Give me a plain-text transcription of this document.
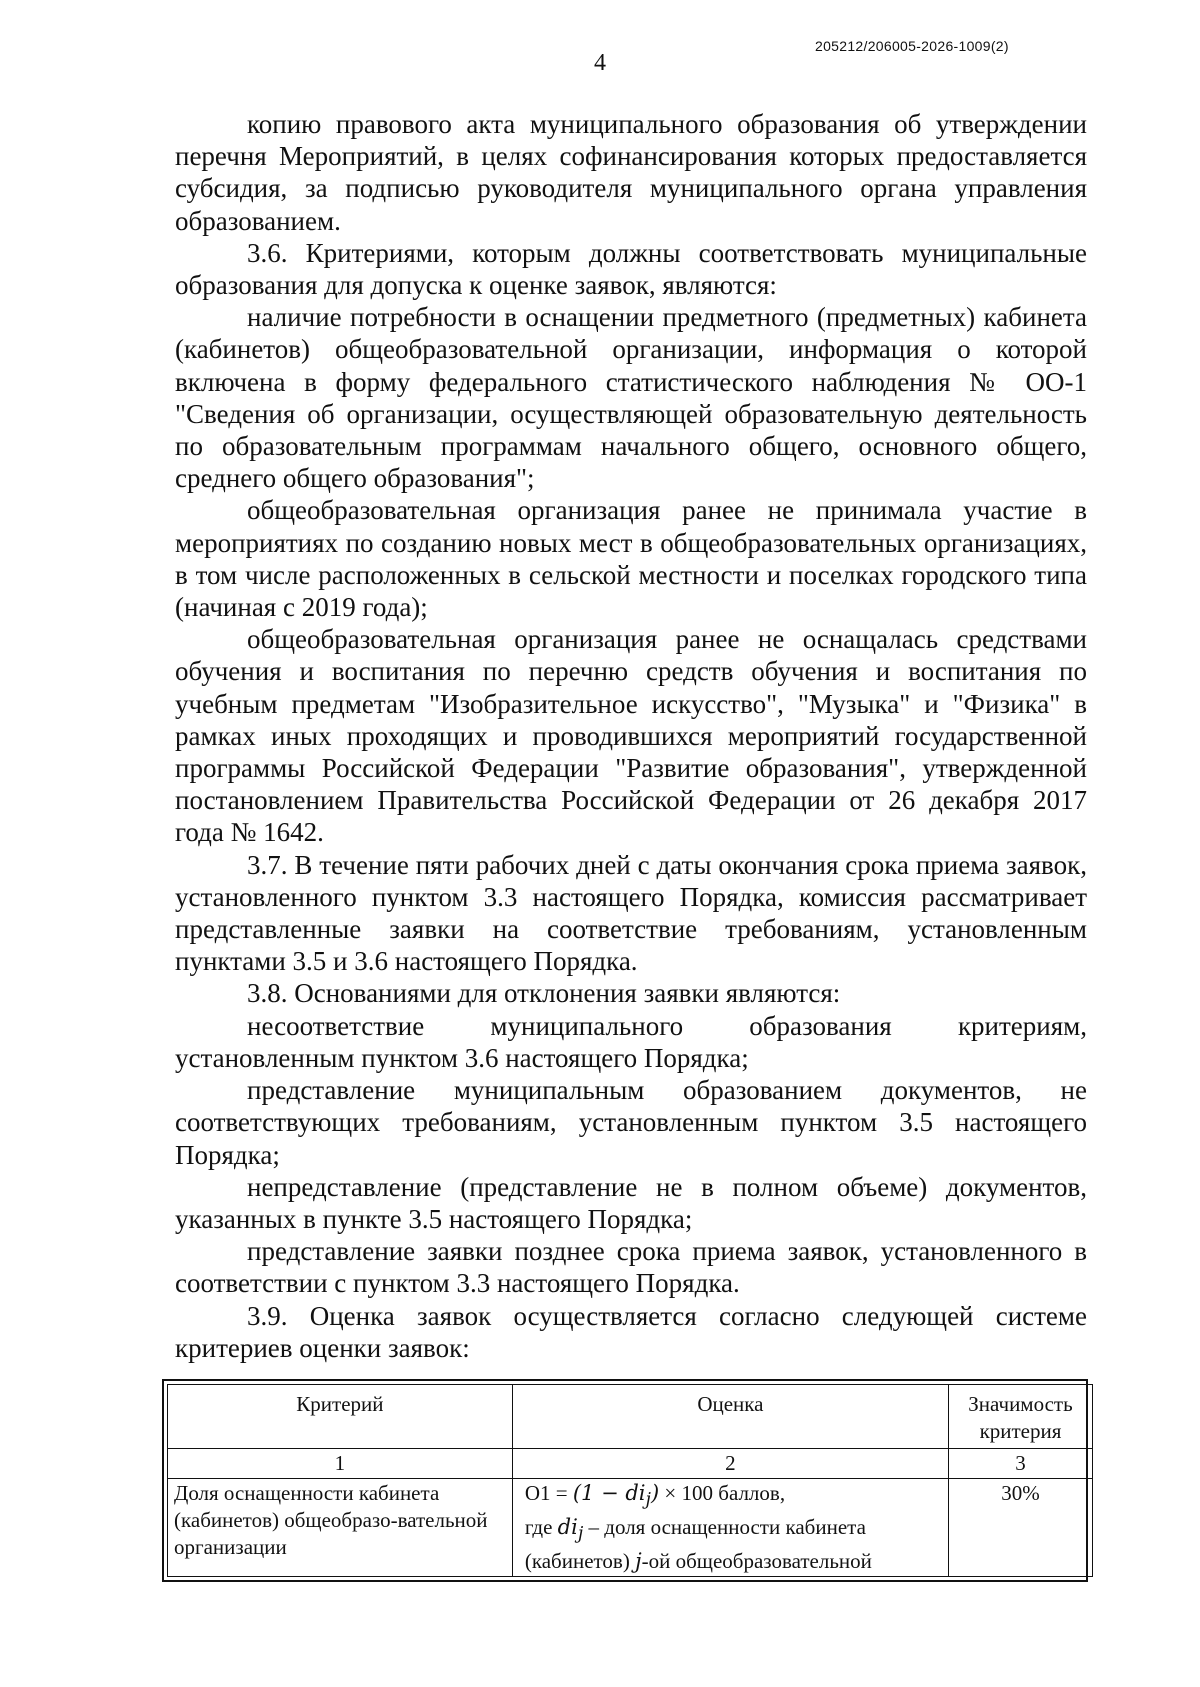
4
205212/206005-2026-1009(2)

копию правового акта муниципального образования об утверждении перечня Мероприятий, в целях софинансирования которых предоставляется субсидия, за подписью руководителя муниципального органа управления образованием.

3.6. Критериями, которым должны соответствовать муниципальные образования для допуска к оценке заявок, являются:

наличие потребности в оснащении предметного (предметных) кабинета (кабинетов) общеобразовательной организации, информация о которой включена в форму федерального статистического наблюдения № ОО-1 "Сведения об организации, осуществляющей образовательную деятельность по образовательным программам начального общего, основного общего, среднего общего образования";

общеобразовательная организация ранее не принимала участие в мероприятиях по созданию новых мест в общеобразовательных организациях, в том числе расположенных в сельской местности и поселках городского типа (начиная с 2019 года);

общеобразовательная организация ранее не оснащалась средствами обучения и воспитания по перечню средств обучения и воспитания по учебным предметам "Изобразительное искусство", "Музыка" и "Физика" в рамках иных проходящих и проводившихся мероприятий государственной программы Российской Федерации "Развитие образования", утвержденной постановлением Правительства Российской Федерации от 26 декабря 2017 года № 1642.

3.7. В течение пяти рабочих дней с даты окончания срока приема заявок, установленного пунктом 3.3 настоящего Порядка, комиссия рассматривает представленные заявки на соответствие требованиям, установленным пунктами 3.5 и 3.6 настоящего Порядка.

3.8. Основаниями для отклонения заявки являются:

несоответствие муниципального образования критериям, установленным пунктом 3.6 настоящего Порядка;

представление муниципальным образованием документов, не соответствующих требованиям, установленным пунктом 3.5 настоящего Порядка;

непредставление (представление не в полном объеме) документов, указанных в пункте 3.5 настоящего Порядка;

представление заявки позднее срока приема заявок, установленного в соответствии с пунктом 3.3 настоящего Порядка.

3.9. Оценка заявок осуществляется согласно следующей системе критериев оценки заявок:

Критерий	Оценка	Значимость критерия
1	2	3
Доля оснащенности кабинета (кабинетов) общеобразо-вательной организации	$О1 = (1 - di_j) \times 100$ баллов,
где $di_j$ – доля оснащенности кабинета
(кабинетов) j-ой общеобразовательной	30%
